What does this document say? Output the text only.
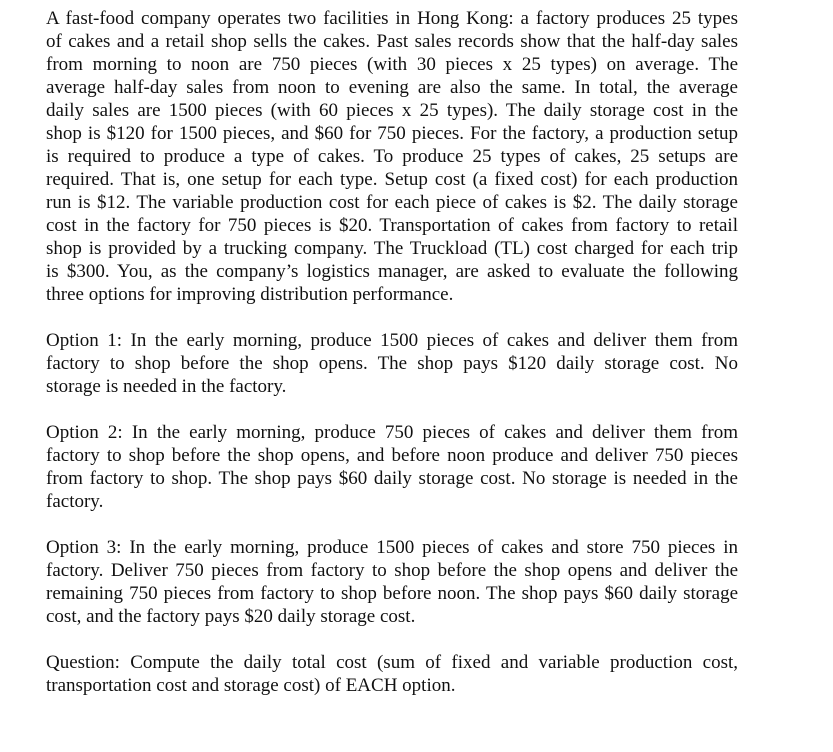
A fast-food company operates two facilities in Hong Kong: a factory produces 25 types
of cakes and a retail shop sells the cakes. Past sales records show that the half-day sales
from morning to noon are 750 pieces (with 30 pieces x 25 types) on average. The
average half-day sales from noon to evening are also the same. In total, the average
daily sales are 1500 pieces (with 60 pieces x 25 types). The daily storage cost in the
shop is $120 for 1500 pieces, and $60 for 750 pieces. For the factory, a production setup
is required to produce a type of cakes. To produce 25 types of cakes, 25 setups are
required. That is, one setup for each type. Setup cost (a fixed cost) for each production
run is $12. The variable production cost for each piece of cakes is $2. The daily storage
cost in the factory for 750 pieces is $20. Transportation of cakes from factory to retail
shop is provided by a trucking company. The Truckload (TL) cost charged for each trip
is $300. You, as the company’s logistics manager, are asked to evaluate the following
three options for improving distribution performance.
Option 1: In the early morning, produce 1500 pieces of cakes and deliver them from
factory to shop before the shop opens. The shop pays $120 daily storage cost. No
storage is needed in the factory.
Option 2: In the early morning, produce 750 pieces of cakes and deliver them from
factory to shop before the shop opens, and before noon produce and deliver 750 pieces
from factory to shop. The shop pays $60 daily storage cost. No storage is needed in the
factory.
Option 3: In the early morning, produce 1500 pieces of cakes and store 750 pieces in
factory. Deliver 750 pieces from factory to shop before the shop opens and deliver the
remaining 750 pieces from factory to shop before noon. The shop pays $60 daily storage
cost, and the factory pays $20 daily storage cost.
Question: Compute the daily total cost (sum of fixed and variable production cost,
transportation cost and storage cost) of EACH option.
